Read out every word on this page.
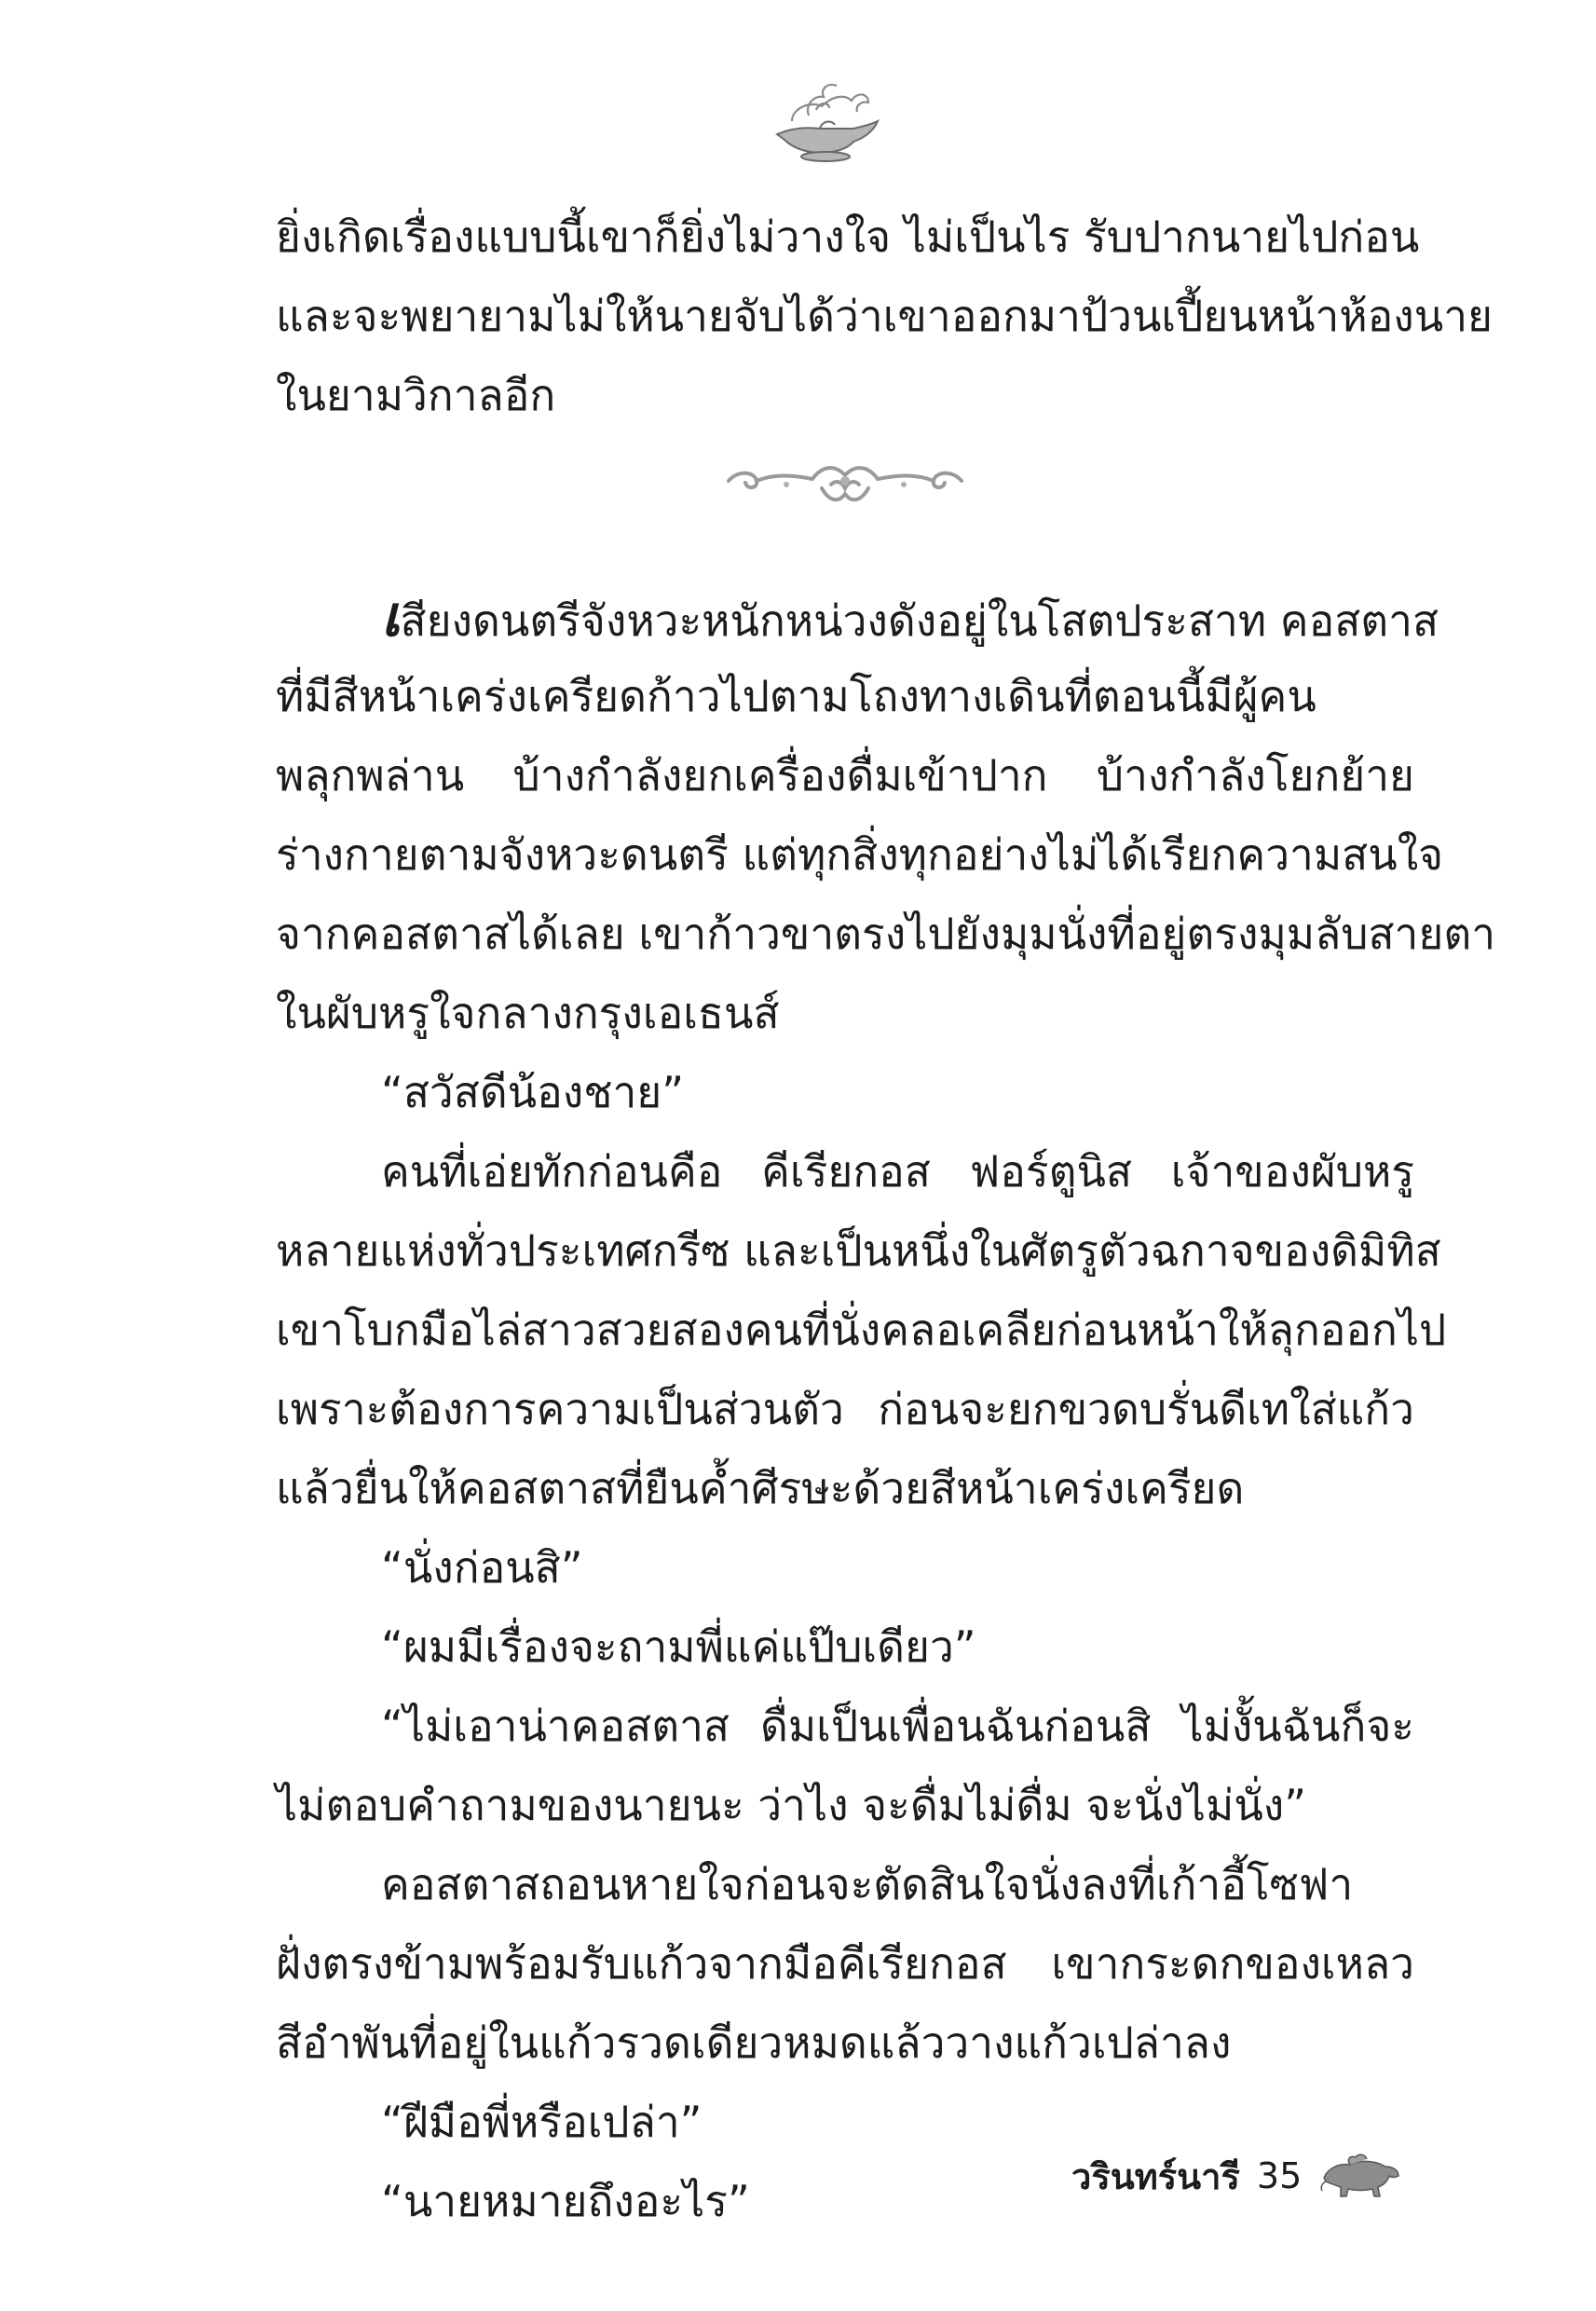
ยิ่งเกิดเรื่องแบบนี้เขาก็ยิ่งไม่วางใจ ไม่เป็นไร รับปากนายไปก่อน
และจะพยายามไม่ให้นายจับได้ว่าเขาออกมาป้วนเปี้ยนหน้าห้องนาย
ในยามวิกาลอีก
เสียงดนตรีจังหวะหนักหน่วงดังอยู่ในโสตประสาท คอสตาส
ที่มีสีหน้าเคร่งเครียดก้าวไปตามโถงทางเดินที่ตอนนี้มีผู้คน
พลุกพล่าน บ้างกำลังยกเครื่องดื่มเข้าปาก บ้างกำลังโยกย้าย
ร่างกายตามจังหวะดนตรี แต่ทุกสิ่งทุกอย่างไม่ได้เรียกความสนใจ
จากคอสตาสได้เลย เขาก้าวขาตรงไปยังมุมนั่งที่อยู่ตรงมุมลับสายตา
ในผับหรูใจกลางกรุงเอเธนส์
“สวัสดีน้องชาย”
คนที่เอ่ยทักก่อนคือ คีเรียกอส ฟอร์ตูนิส เจ้าของผับหรู
หลายแห่งทั่วประเทศกรีซ และเป็นหนึ่งในศัตรูตัวฉกาจของดิมิทิส
เขาโบกมือไล่สาวสวยสองคนที่นั่งคลอเคลียก่อนหน้าให้ลุกออกไป
เพราะต้องการความเป็นส่วนตัว ก่อนจะยกขวดบรั่นดีเทใส่แก้ว
แล้วยื่นให้คอสตาสที่ยืนค้ำศีรษะด้วยสีหน้าเคร่งเครียด
“นั่งก่อนสิ”
“ผมมีเรื่องจะถามพี่แค่แป๊บเดียว”
“ไม่เอาน่าคอสตาส ดื่มเป็นเพื่อนฉันก่อนสิ ไม่งั้นฉันก็จะ
ไม่ตอบคำถามของนายนะ ว่าไง จะดื่มไม่ดื่ม จะนั่งไม่นั่ง”
คอสตาสถอนหายใจก่อนจะตัดสินใจนั่งลงที่เก้าอี้โซฟา
ฝั่งตรงข้ามพร้อมรับแก้วจากมือคีเรียกอส เขากระดกของเหลว
สีอำพันที่อยู่ในแก้วรวดเดียวหมดแล้ววางแก้วเปล่าลง
“ฝีมือพี่หรือเปล่า”
“นายหมายถึงอะไร”	วรินทร์นารี 35
